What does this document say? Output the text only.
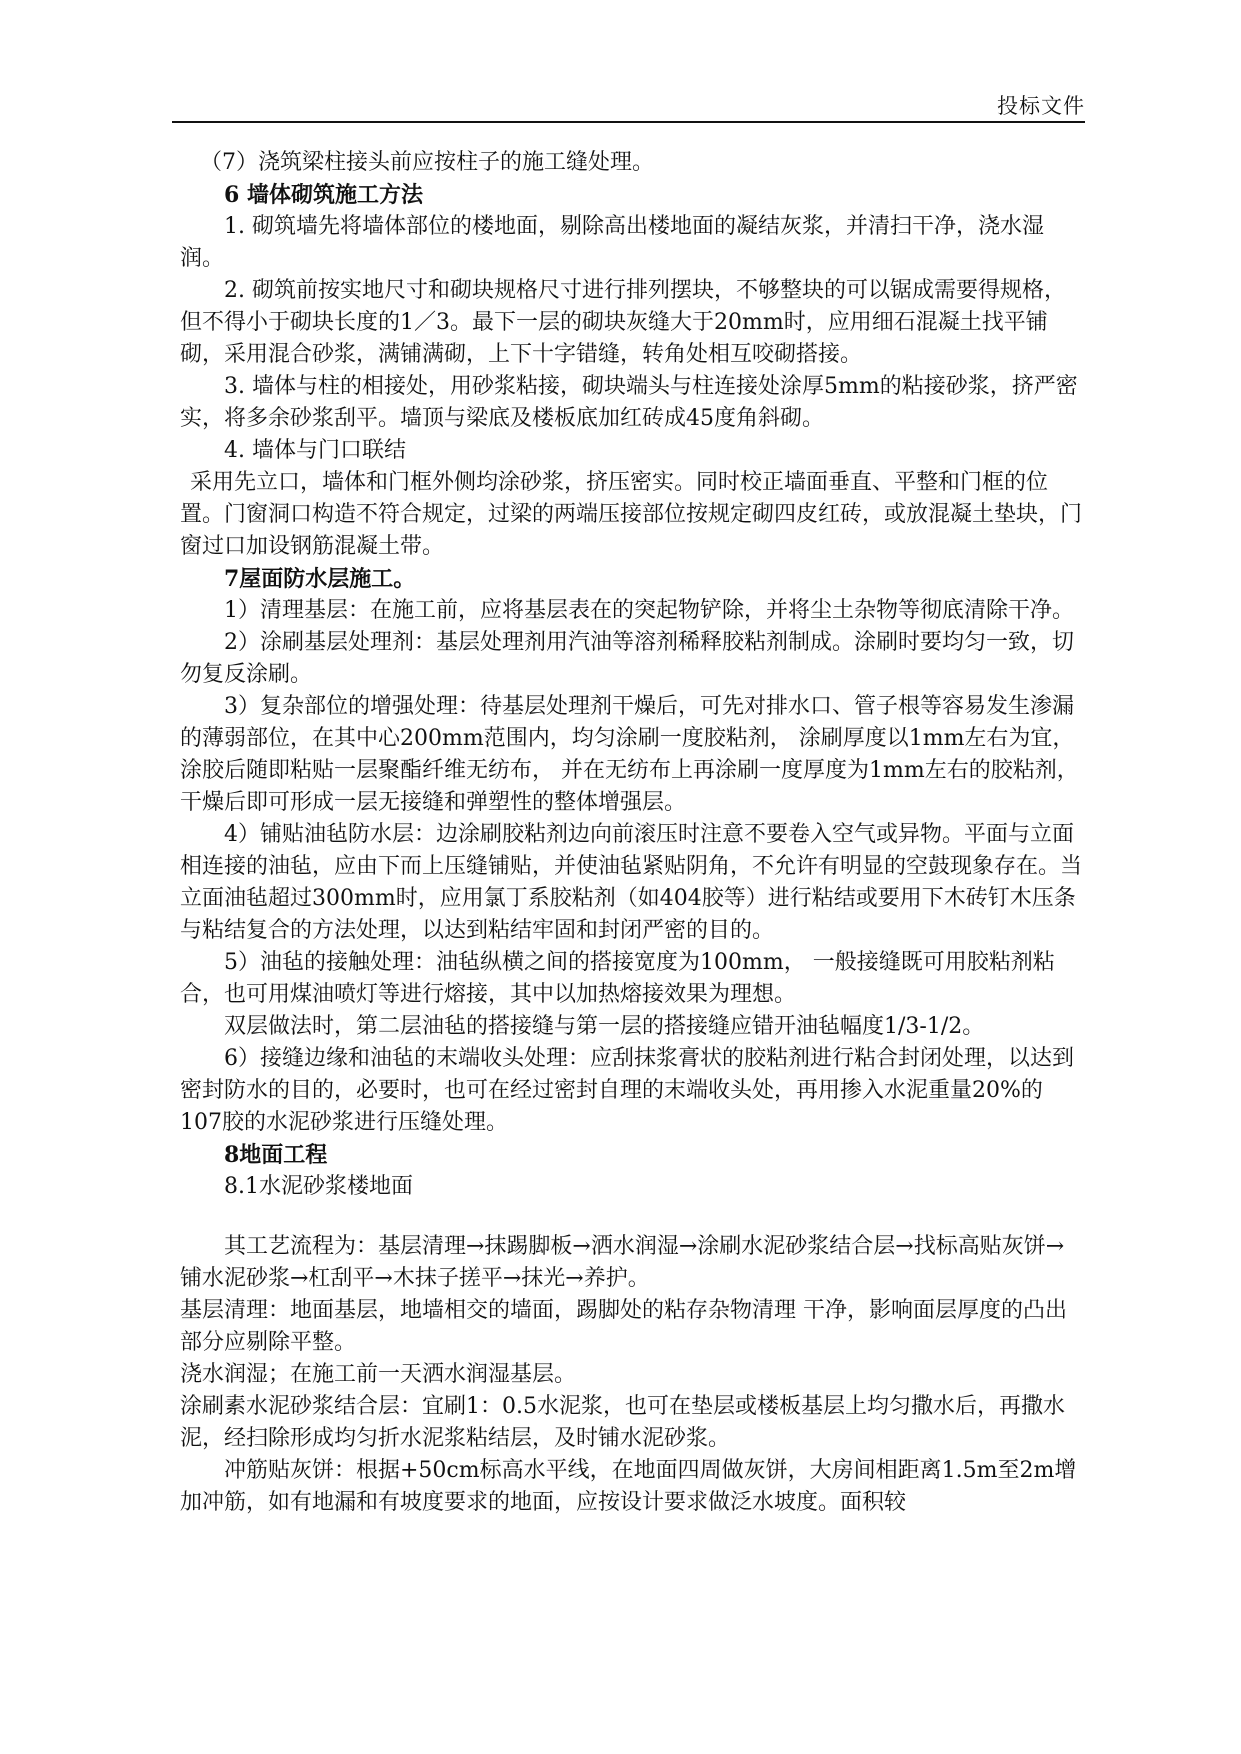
投标文件

（7）浇筑梁柱接头前应按柱子的施工缝处理。

6 墙体砌筑施工方法

1. 砌筑墙先将墙体部位的楼地面，剔除高出楼地面的凝结灰浆，并清扫干净，浇水湿润。

2. 砌筑前按实地尺寸和砌块规格尺寸进行排列摆块，不够整块的可以锯成需要得规格，但不得小于砌块长度的1／3。最下一层的砌块灰缝大于20mm时，应用细石混凝土找平铺砌，采用混合砂浆，满铺满砌，上下十字错缝，转角处相互咬砌搭接。

3. 墙体与柱的相接处，用砂浆粘接，砌块端头与柱连接处涂厚5mm的粘接砂浆，挤严密实，将多余砂浆刮平。墙顶与梁底及楼板底加红砖成45度角斜砌。

4. 墙体与门口联结

采用先立口，墙体和门框外侧均涂砂浆，挤压密实。同时校正墙面垂直、平整和门框的位置。门窗洞口构造不符合规定，过梁的两端压接部位按规定砌四皮红砖，或放混凝土垫块，门窗过口加设钢筋混凝土带。

7屋面防水层施工。

1）清理基层：在施工前，应将基层表在的突起物铲除，并将尘土杂物等彻底清除干净。

2）涂刷基层处理剂：基层处理剂用汽油等溶剂稀释胶粘剂制成。涂刷时要均匀一致，切勿复反涂刷。

3）复杂部位的增强处理：待基层处理剂干燥后，可先对排水口、管子根等容易发生渗漏的薄弱部位，在其中心200mm范围内，均匀涂刷一度胶粘剂， 涂刷厚度以1mm左右为宜，涂胶后随即粘贴一层聚酯纤维无纺布， 并在无纺布上再涂刷一度厚度为1mm左右的胶粘剂，干燥后即可形成一层无接缝和弹塑性的整体增强层。

4）铺贴油毡防水层：边涂刷胶粘剂边向前滚压时注意不要卷入空气或异物。平面与立面相连接的油毡，应由下而上压缝铺贴，并使油毡紧贴阴角，不允许有明显的空鼓现象存在。当立面油毡超过300mm时，应用氯丁系胶粘剂（如404胶等）进行粘结或要用下木砖钉木压条与粘结复合的方法处理，以达到粘结牢固和封闭严密的目的。

5）油毡的接触处理：油毡纵横之间的搭接宽度为100mm， 一般接缝既可用胶粘剂粘合，也可用煤油喷灯等进行熔接，其中以加热熔接效果为理想。

双层做法时，第二层油毡的搭接缝与第一层的搭接缝应错开油毡幅度1/3-1/2。

6）接缝边缘和油毡的末端收头处理：应刮抹浆膏状的胶粘剂进行粘合封闭处理，以达到密封防水的目的，必要时，也可在经过密封自理的末端收头处，再用掺入水泥重量20%的107胶的水泥砂浆进行压缝处理。

8地面工程

8.1水泥砂浆楼地面

其工艺流程为：基层清理→抹踢脚板→洒水润湿→涂刷水泥砂浆结合层→找标高贴灰饼→铺水泥砂浆→杠刮平→木抹子搓平→抹光→养护。

基层清理：地面基层，地墙相交的墙面，踢脚处的粘存杂物清理 干净，影响面层厚度的凸出部分应剔除平整。

浇水润湿；在施工前一天洒水润湿基层。

涂刷素水泥砂浆结合层：宜刷1：0.5水泥浆，也可在垫层或楼板基层上均匀撒水后，再撒水泥，经扫除形成均匀折水泥浆粘结层，及时铺水泥砂浆。

冲筋贴灰饼：根据+50cm标高水平线，在地面四周做灰饼，大房间相距离1.5m至2m增加冲筋，如有地漏和有坡度要求的地面，应按设计要求做泛水坡度。面积较
